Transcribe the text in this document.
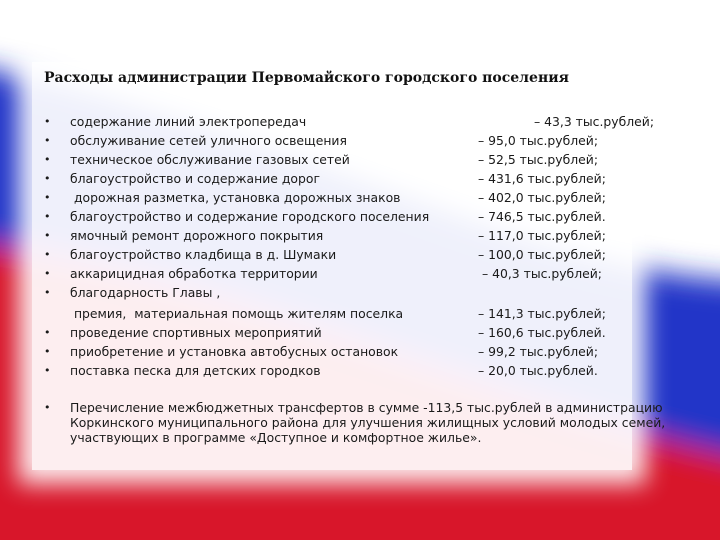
Расходы администрации Первомайского городского поселения
• содержание линий электропередач	– 43,3 тыс.рублей;
• обслуживание сетей уличного освещения	– 95,0 тыс.рублей;
• техническое обслуживание газовых сетей	– 52,5 тыс.рублей;
• благоустройство и содержание дорог	– 431,6 тыс.рублей;
• дорожная разметка, установка дорожных знаков	– 402,0 тыс.рублей;
• благоустройство и содержание городского поселения	– 746,5 тыс.рублей.
• ямочный ремонт дорожного покрытия	– 117,0 тыс.рублей;
• благоустройство кладбища в д. Шумаки	– 100,0 тыс.рублей;
• аккарицидная обработка территории	– 40,3 тыс.рублей;
• благодарность Главы ,
премия,  материальная помощь жителям поселка	– 141,3 тыс.рублей;
• проведение спортивных мероприятий	– 160,6 тыс.рублей.
• приобретение и установка автобусных остановок	– 99,2 тыс.рублей;
• поставка песка для детских городков	– 20,0 тыс.рублей.
• Перечисление межбюджетных трансфертов в сумме -113,5 тыс.рублей в администрацию Коркинского муниципального района для улучшения жилищных условий молодых семей, участвующих в программе «Доступное и комфортное жилье».
